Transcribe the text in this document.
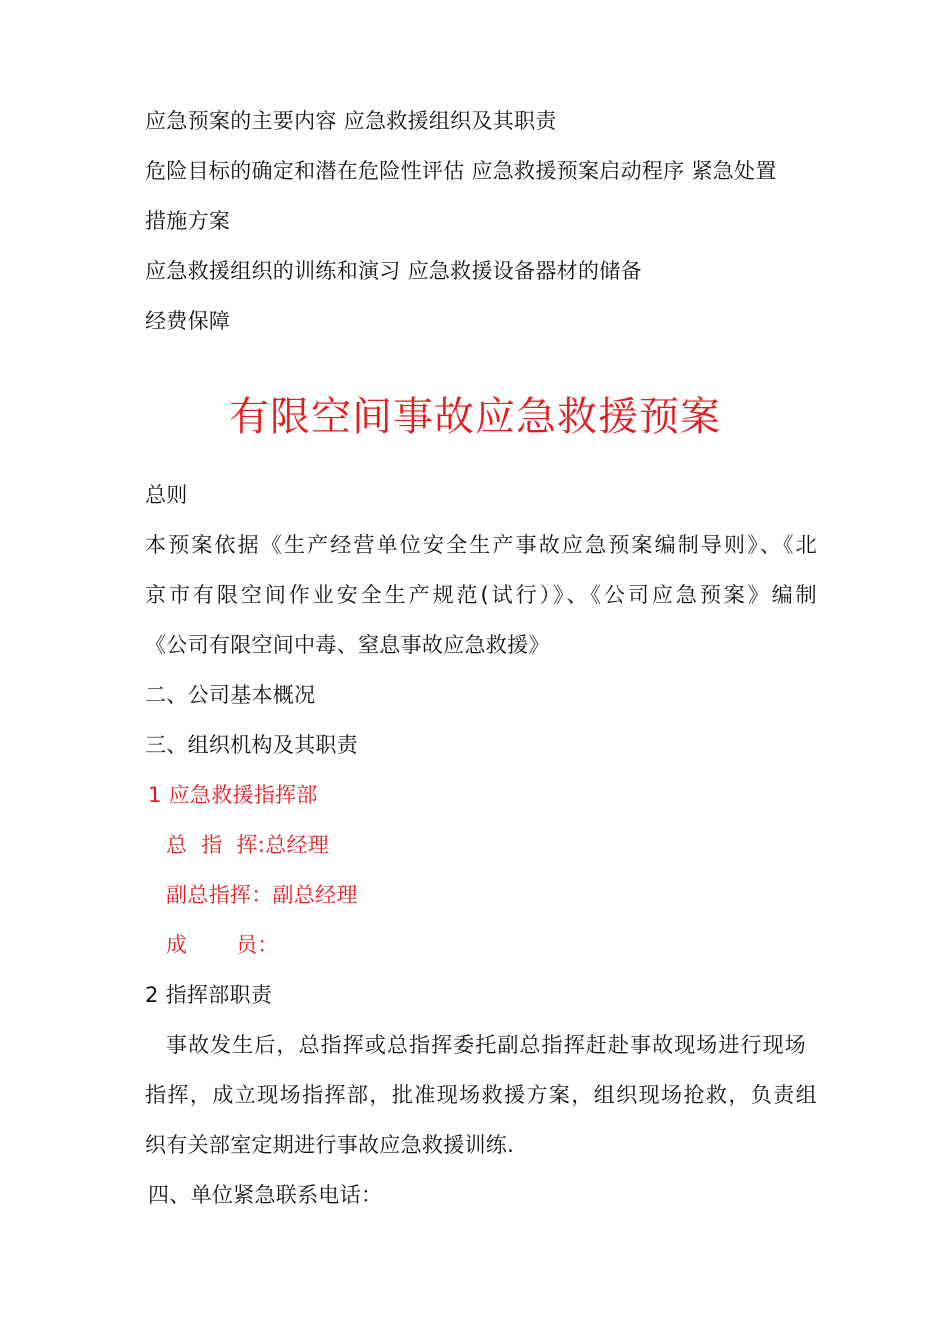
应急预案的主要内容 应急救援组织及其职责
危险目标的确定和潜在危险性评估 应急救援预案启动程序 紧急处置
措施方案
应急救援组织的训练和演习 应急救援设备器材的储备
经费保障
有限空间事故应急救援预案
总则
本预案依据《生产经营单位安全生产事故应急预案编制导则》、《北
京市有限空间作业安全生产规范(试行）》、《公司应急预案》编制
《公司有限空间中毒、窒息事故应急救援》
二、公司基本概况
三、组织机构及其职责
1 应急救援指挥部
总  指  挥:总经理
副总指挥：副总经理
成       员：
2 指挥部职责
事故发生后，总指挥或总指挥委托副总指挥赶赴事故现场进行现场
指挥，成立现场指挥部，批准现场救援方案，组织现场抢救，负责组
织有关部室定期进行事故应急救援训练.
四、单位紧急联系电话：
